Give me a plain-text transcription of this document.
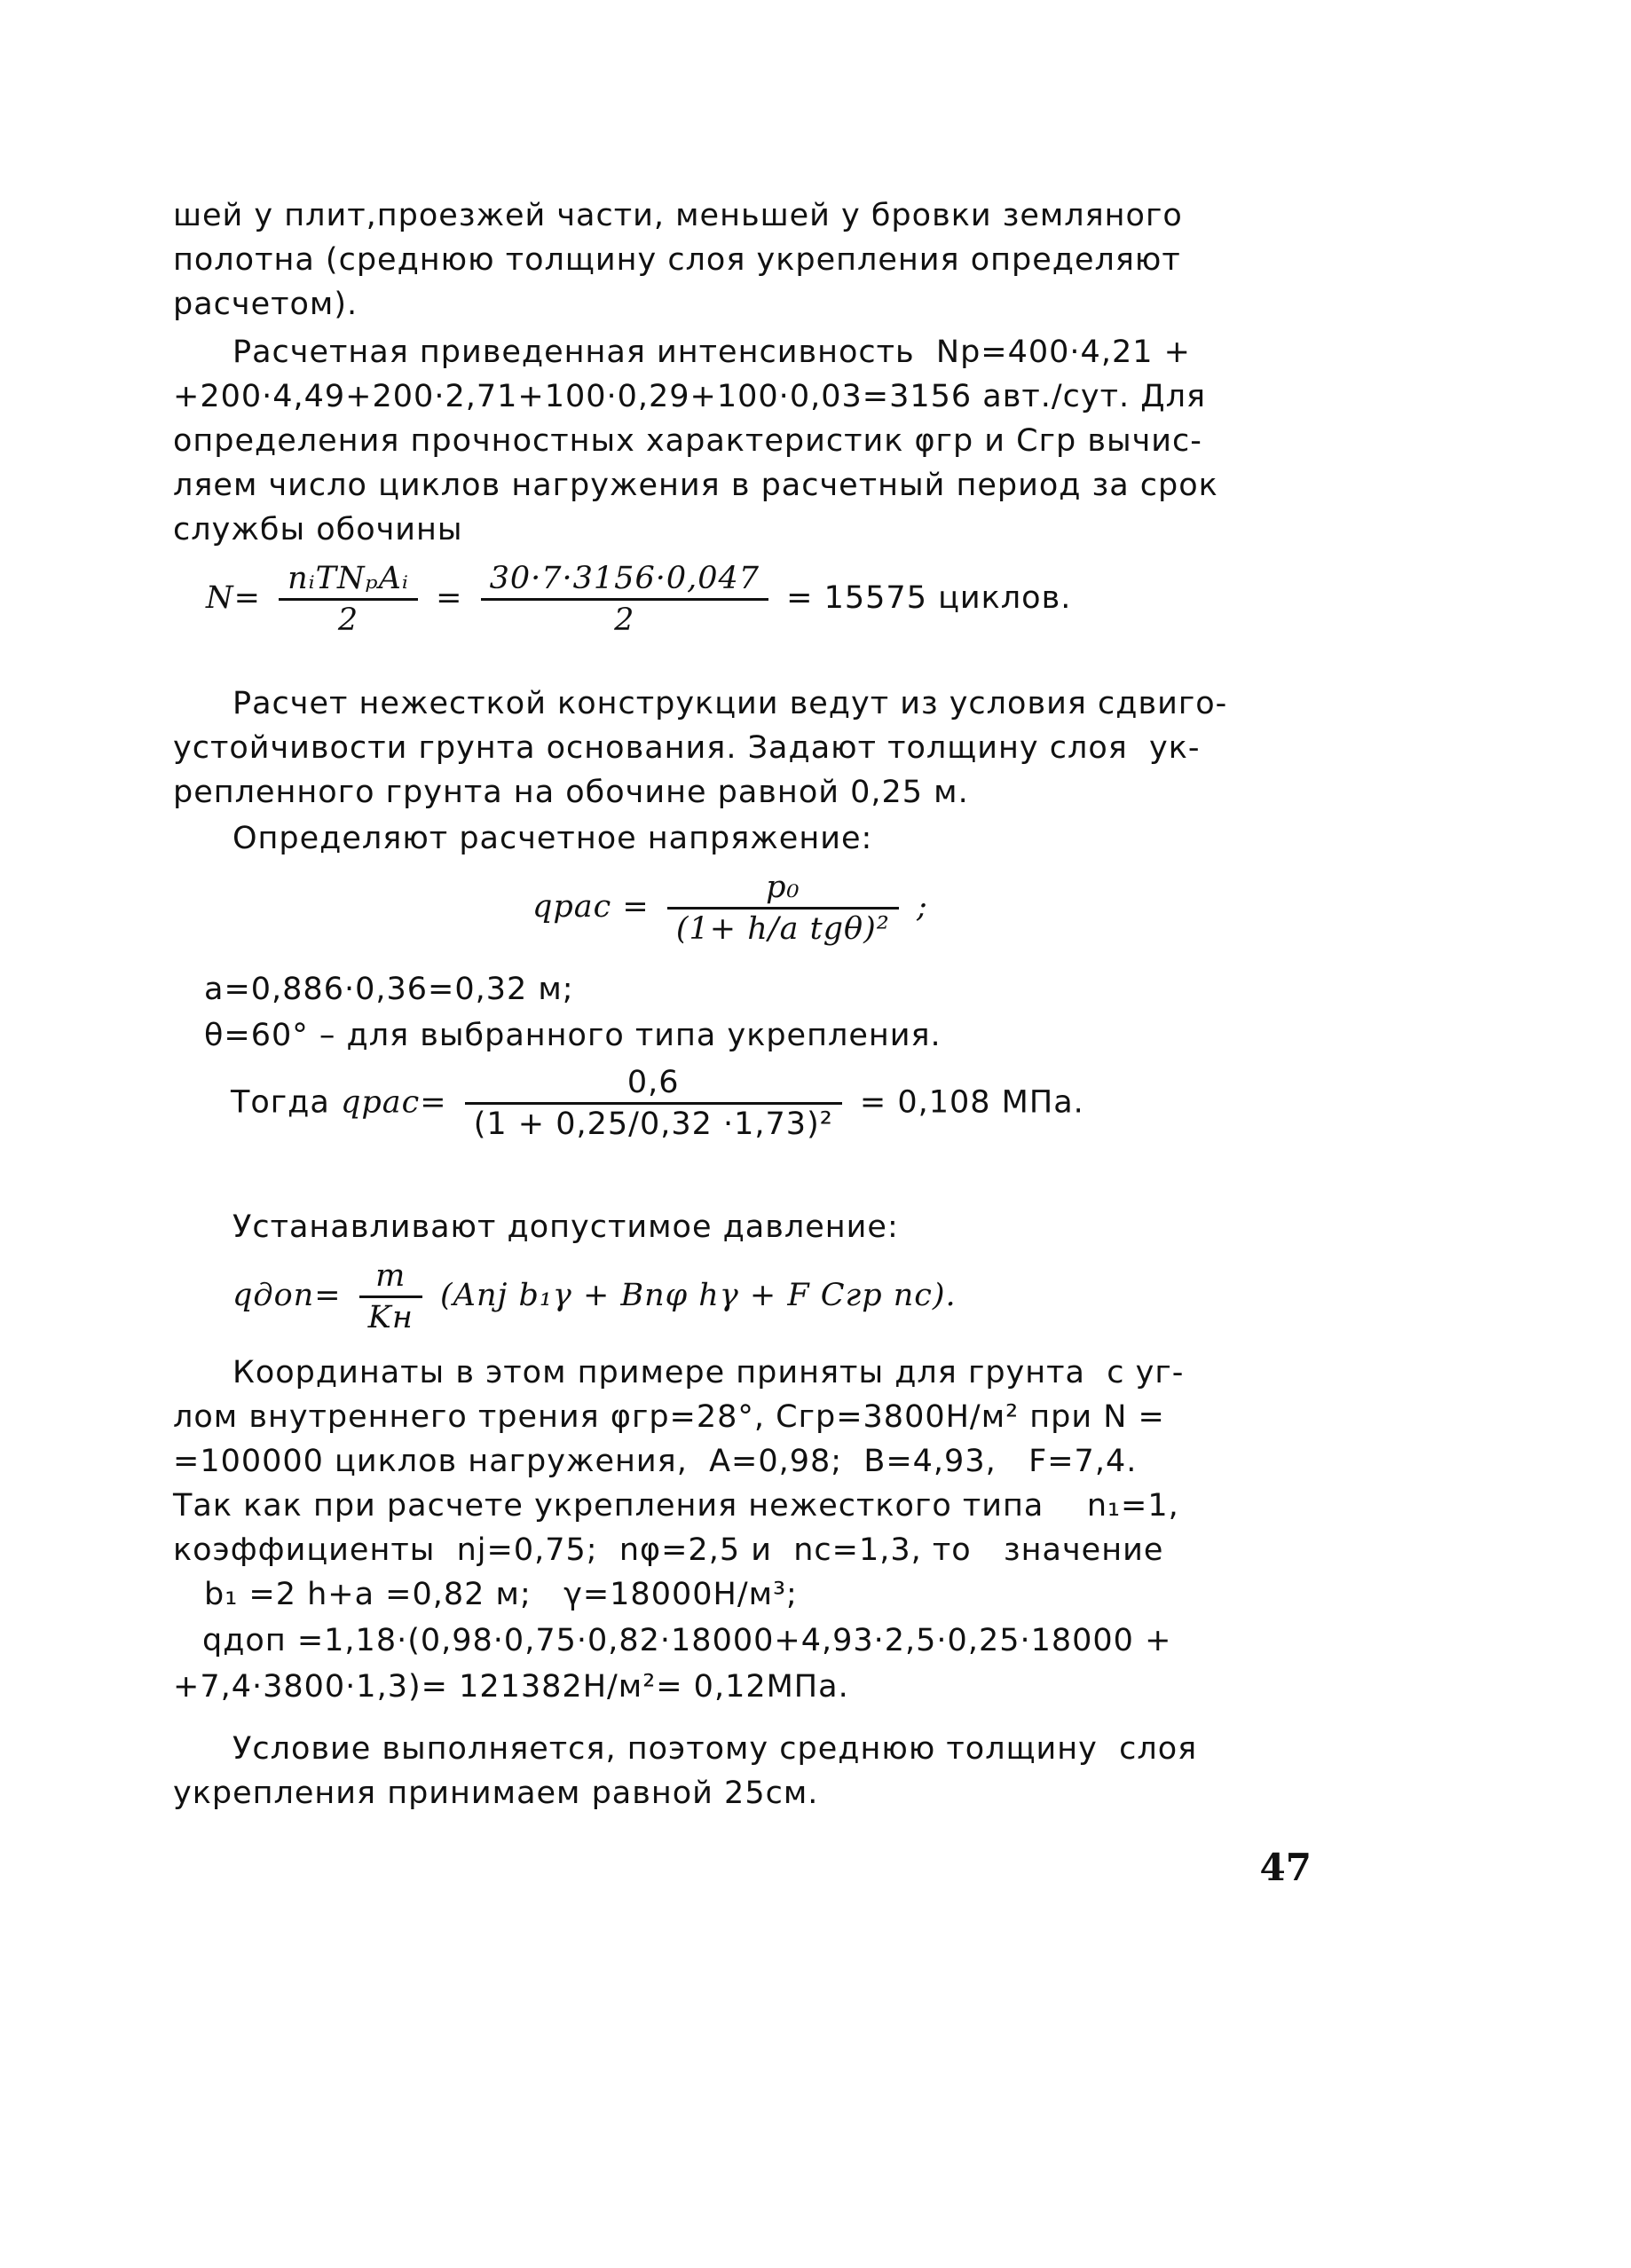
шей у плит,проезжей части, меньшей у бровки земляного
полотна (среднюю толщину слоя укрепления определяют
расчетом).
Расчетная приведенная интенсивность  Nр=400·4,21 +
+200·4,49+200·2,71+100·0,29+100·0,03=3156 авт./сут. Для
определения прочностных характеристик φгр и Сгр вычис-
ляем число циклов нагружения в расчетный период за срок
службы обочины
$N= \frac{\text{nᵢTNₚAᵢ}}{2} = \frac{30\cdot 7\cdot 3156\cdot 0,047}{2} = 15575$ циклов.
Расчет нежесткой конструкции ведут из условия сдвиго-
устойчивости грунта основания. Задают толщину слоя  ук-
репленного грунта на обочине равной 0,25 м.
Определяют расчетное напряжение:
qрас = $\frac{\text{p₀}}{\text{(1+ h/a tgθ)²}}$ ;
a=0,886·0,36=0,32 м;
θ=60° – для выбранного типа укрепления.
Тогда qрас= $\frac{0,6}{\text{(1 + 0,25/0,32 ·1,73)²}} = 0,108$ МПа.
Устанавливают допустимое давление:
qдоп= $\frac{m}{Kн} (Anj$ b₁γ + Bnφ hγ + F Cгр nc).
Координаты в этом примере приняты для грунта  с уг-
лом внутреннего трения φгр=28°, Сгр=3800Н/м² при N =
=100000 циклов нагружения,  A=0,98;  B=4,93,   F=7,4.
Так как при расчете укрепления нежесткого типа    n₁=1,
коэффициенты  nj=0,75;  nφ=2,5 и  nc=1,3, то   значение
b₁ =2 h+a =0,82 м;   γ=18000Н/м³;
qдоп =1,18·(0,98·0,75·0,82·18000+4,93·2,5·0,25·18000 +
+7,4·3800·1,3)= 121382Н/м²= 0,12МПа.
Условие выполняется, поэтому среднюю толщину  слоя
укрепления принимаем равной 25см.
47
